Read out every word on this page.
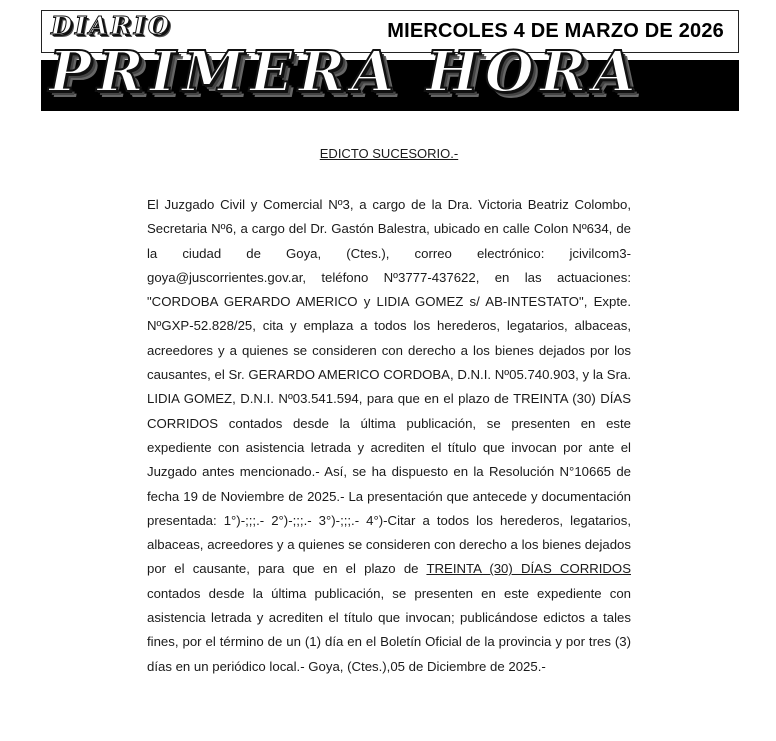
MIERCOLES 4 DE MARZO DE 2026
- EDICTOS -
DIARIO
PRIMERA HORA

EDICTO SUCESORIO.-

El Juzgado Civil y Comercial Nº3, a cargo de la Dra. Victoria Beatriz Colombo, Secretaria Nº6, a cargo del Dr. Gastón Balestra, ubicado en calle Colon Nº634, de la ciudad de Goya, (Ctes.), correo electrónico: jcivilcom3-goya@juscorrientes.gov.ar, teléfono Nº3777-437622, en las actuaciones: "CORDOBA GERARDO AMERICO y LIDIA GOMEZ s/ AB-INTESTATO", Expte. NºGXP-52.828/25, cita y emplaza a todos los herederos, legatarios, albaceas, acreedores y a quienes se consideren con derecho a los bienes dejados por los causantes, el Sr. GERARDO AMERICO CORDOBA, D.N.I. Nº05.740.903, y la Sra. LIDIA GOMEZ, D.N.I. Nº03.541.594, para que en el plazo de TREINTA (30) DÍAS CORRIDOS contados desde la última publicación, se presenten en este expediente con asistencia letrada y acrediten el título que invocan por ante el Juzgado antes mencionado.- Así, se ha dispuesto en la Resolución N°10665 de fecha 19 de Noviembre de 2025.- La presentación que antecede y documentación presentada: 1°)-;;;.- 2°)-;;;.- 3°)-;;;.- 4°)-Citar a todos los herederos, legatarios, albaceas, acreedores y a quienes se consideren con derecho a los bienes dejados por el causante, para que en el plazo de TREINTA (30) DÍAS CORRIDOS contados desde la última publicación, se presenten en este expediente con asistencia letrada y acrediten el título que invocan; publicándose edictos a tales fines, por el término de un (1) día en el Boletín Oficial de la provincia y por tres (3) días en un periódico local.- Goya, (Ctes.),05 de Diciembre de 2025.-
